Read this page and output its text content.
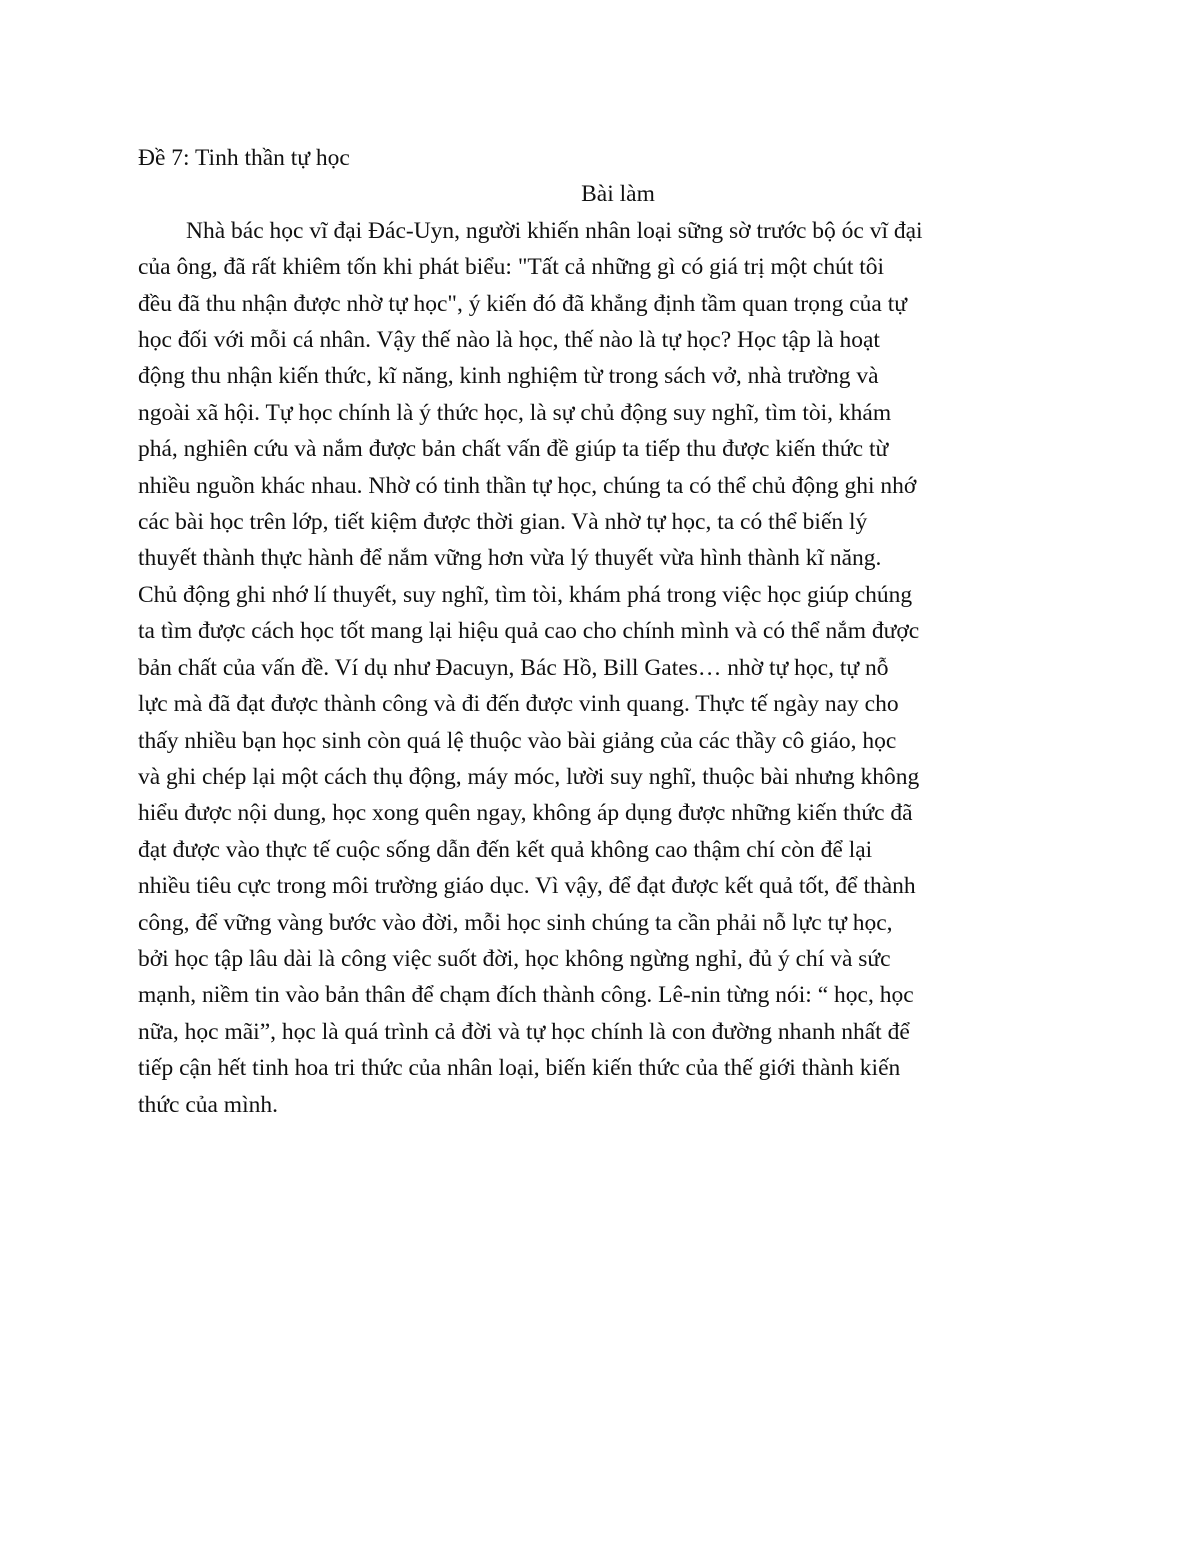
Đề 7: Tinh thần tự học

Bài làm

Nhà bác học vĩ đại Đác-Uyn, người khiến nhân loại sững sờ trước bộ óc vĩ đại
của ông, đã rất khiêm tốn khi phát biểu: "Tất cả những gì có giá trị một chút tôi
đều đã thu nhận được nhờ tự học", ý kiến đó đã khẳng định tầm quan trọng của tự
học đối với mỗi cá nhân. Vậy thế nào là học, thế nào là tự học? Học tập là hoạt
động thu nhận kiến thức, kĩ năng, kinh nghiệm từ trong sách vở, nhà trường và
ngoài xã hội. Tự học chính là ý thức học, là sự chủ động suy nghĩ, tìm tòi, khám
phá, nghiên cứu và nắm được bản chất vấn đề giúp ta tiếp thu được kiến thức từ
nhiều nguồn khác nhau. Nhờ có tinh thần tự học, chúng ta có thể chủ động ghi nhớ
các bài học trên lớp, tiết kiệm được thời gian. Và nhờ tự học, ta có thể biến lý
thuyết thành thực hành để nắm vững hơn vừa lý thuyết vừa hình thành kĩ năng.
Chủ động ghi nhớ lí thuyết, suy nghĩ, tìm tòi, khám phá trong việc học giúp chúng
ta tìm được cách học tốt mang lại hiệu quả cao cho chính mình và có thể nắm được
bản chất của vấn đề. Ví dụ như Đacuyn, Bác Hồ, Bill Gates… nhờ tự học, tự nỗ
lực mà đã đạt được thành công và đi đến được vinh quang. Thực tế ngày nay cho
thấy nhiều bạn học sinh còn quá lệ thuộc vào bài giảng của các thầy cô giáo, học
và ghi chép lại một cách thụ động, máy móc, lười suy nghĩ, thuộc bài nhưng không
hiểu được nội dung, học xong quên ngay, không áp dụng được những kiến thức đã
đạt được vào thực tế cuộc sống dẫn đến kết quả không cao thậm chí còn để lại
nhiều tiêu cực trong môi trường giáo dục. Vì vậy, để đạt được kết quả tốt, để thành
công, để vững vàng bước vào đời, mỗi học sinh chúng ta cần phải nỗ lực tự học,
bởi học tập lâu dài là công việc suốt đời, học không ngừng nghỉ, đủ ý chí và sức
mạnh, niềm tin vào bản thân để chạm đích thành công. Lê-nin từng nói: “ học, học
nữa, học mãi”, học là quá trình cả đời và tự học chính là con đường nhanh nhất để
tiếp cận hết tinh hoa tri thức của nhân loại, biến kiến thức của thế giới thành kiến
thức của mình.
